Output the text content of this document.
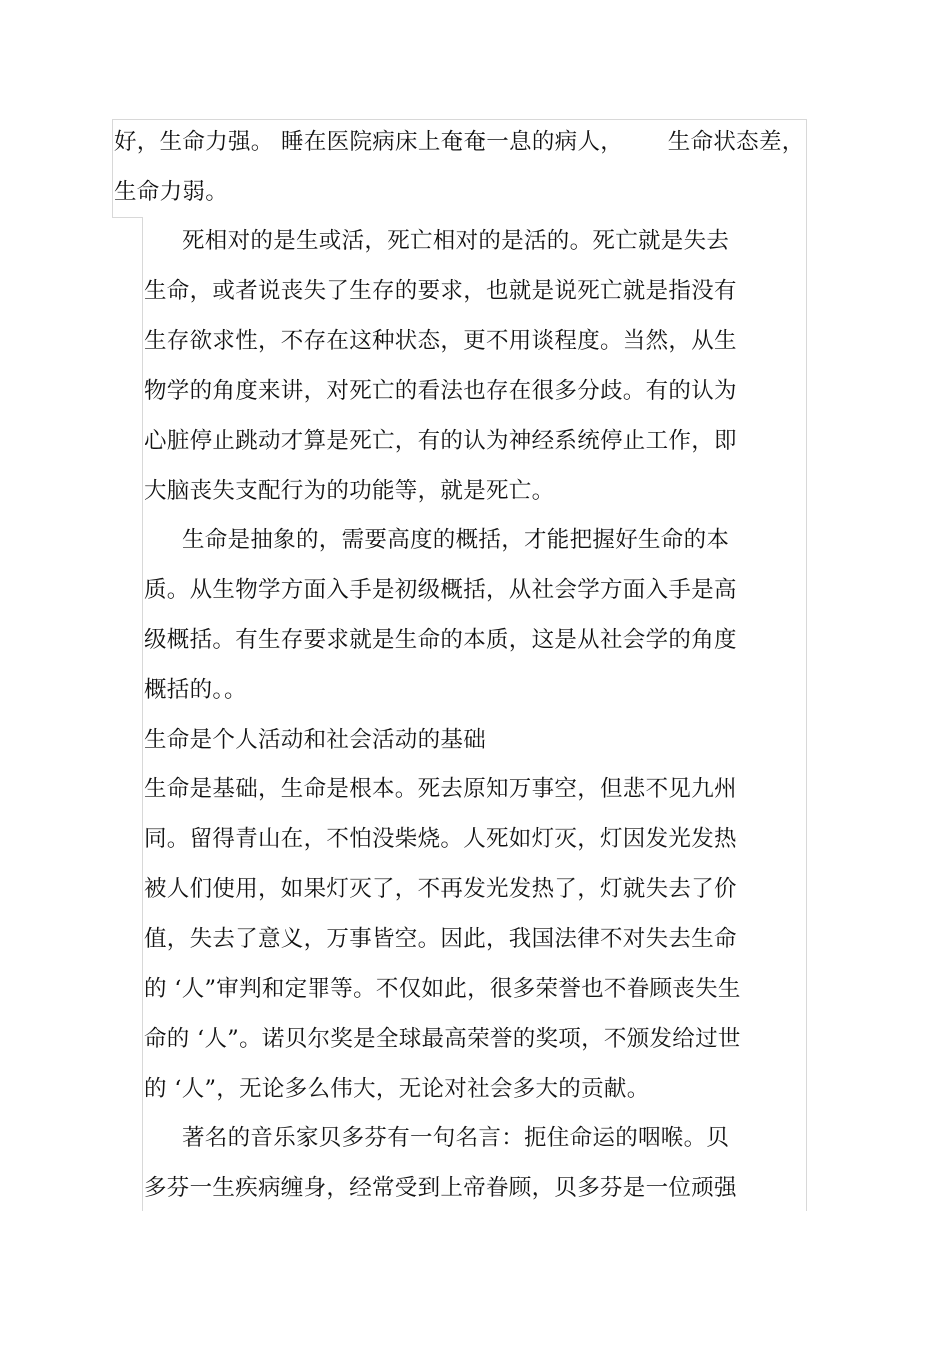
好，生命力强。 睡在医院病床上奄奄一息的病人，      生命状态差，
生命力弱。
死相对的是生或活，死亡相对的是活的。死亡就是失去
生命，或者说丧失了生存的要求，也就是说死亡就是指没有
生存欲求性，不存在这种状态，更不用谈程度。当然，从生
物学的角度来讲，对死亡的看法也存在很多分歧。有的认为
心脏停止跳动才算是死亡，有的认为神经系统停止工作，即
大脑丧失支配行为的功能等，就是死亡。
生命是抽象的，需要高度的概括，才能把握好生命的本
质。从生物学方面入手是初级概括，从社会学方面入手是高
级概括。有生存要求就是生命的本质，这是从社会学的角度
概括的。。
生命是个人活动和社会活动的基础
生命是基础，生命是根本。死去原知万事空，但悲不见九州
同。留得青山在，不怕没柴烧。人死如灯灭，灯因发光发热
被人们使用，如果灯灭了，不再发光发热了，灯就失去了价
值，失去了意义，万事皆空。因此，我国法律不对失去生命
的 ‘人”审判和定罪等。不仅如此，很多荣誉也不眷顾丧失生
命的 ‘人”。诺贝尔奖是全球最高荣誉的奖项，不颁发给过世
的 ‘人”，无论多么伟大，无论对社会多大的贡献。
著名的音乐家贝多芬有一句名言：扼住命运的咽喉。贝
多芬一生疾病缠身，经常受到上帝眷顾，贝多芬是一位顽强
